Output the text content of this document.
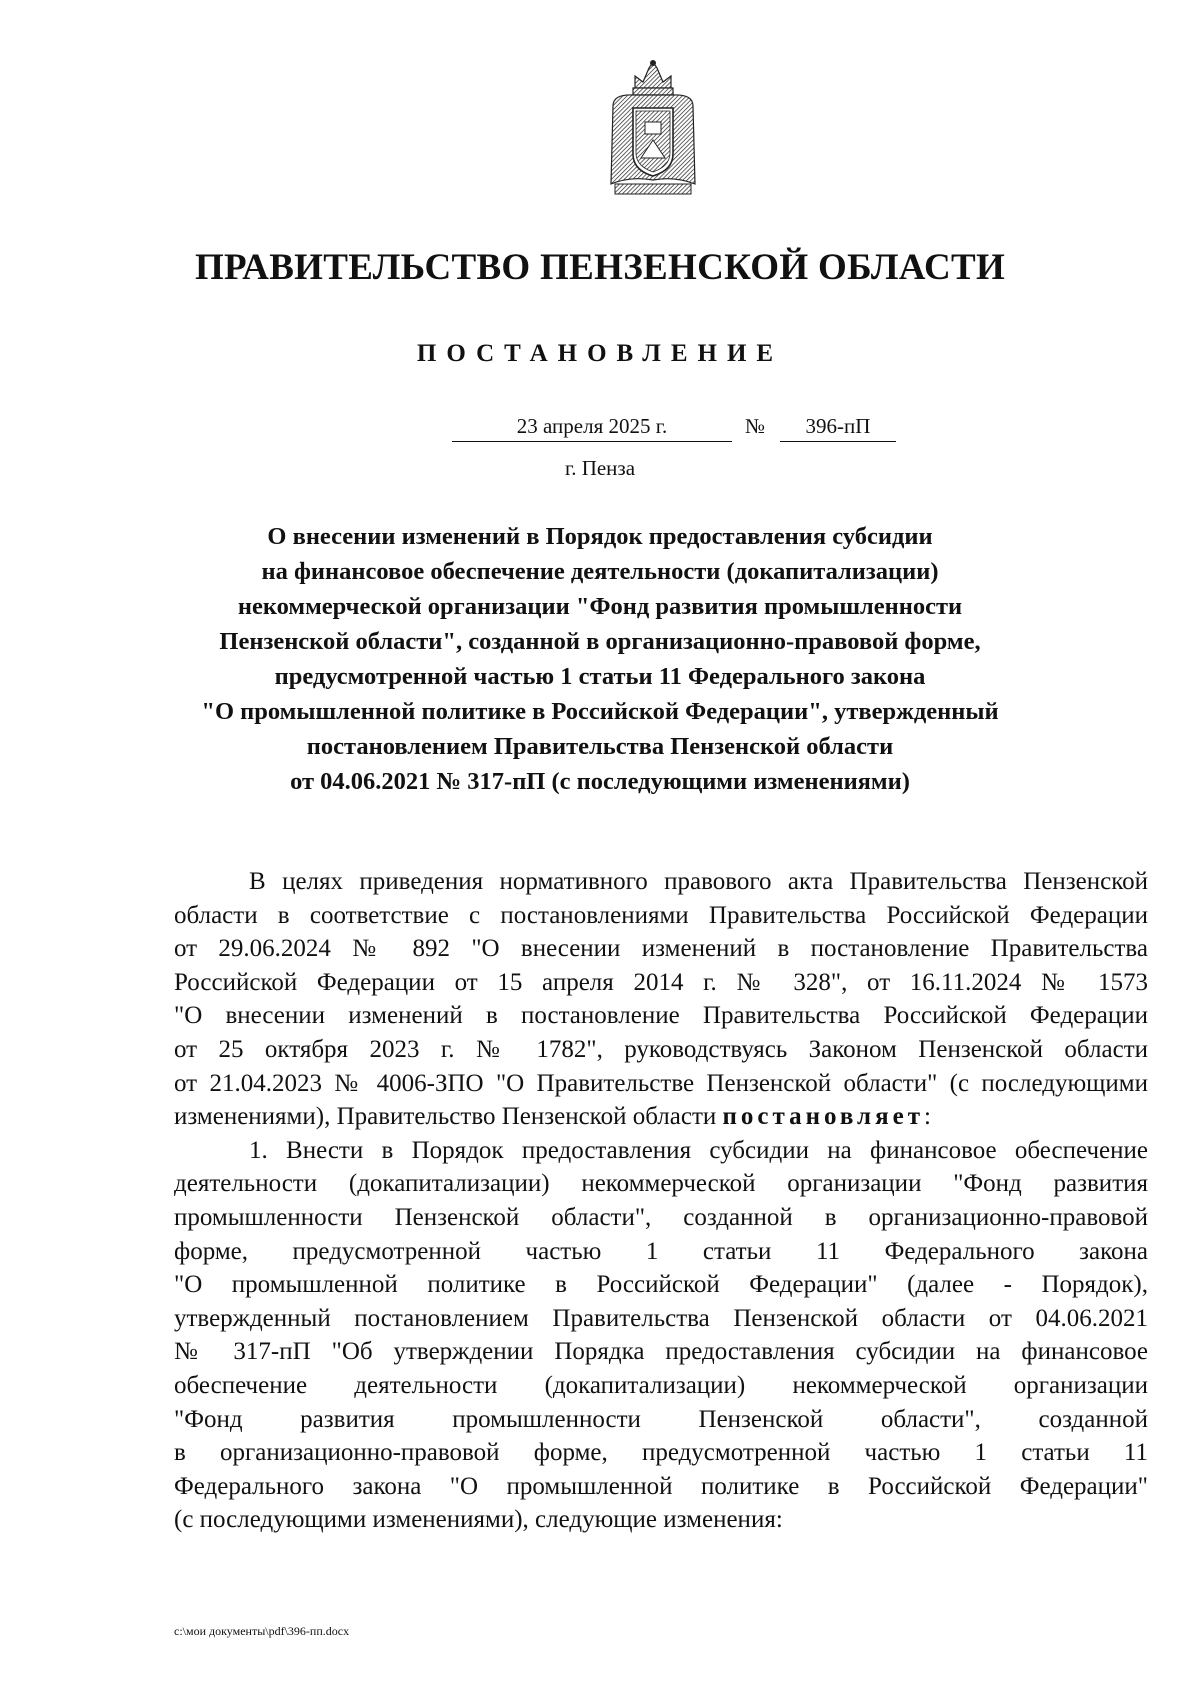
ПРАВИТЕЛЬСТВО ПЕНЗЕНСКОЙ ОБЛАСТИ
ПОСТАНОВЛЕНИЕ
23 апреля 2025 г.	№	396-пП
г. Пенза
О внесении изменений в Порядок предоставления субсидии
на финансовое обеспечение деятельности (докапитализации)
некоммерческой организации "Фонд развития промышленности
Пензенской области", созданной в организационно-правовой форме,
предусмотренной частью 1 статьи 11 Федерального закона
"О промышленной политике в Российской Федерации", утвержденный
постановлением Правительства Пензенской области
от 04.06.2021 № 317-пП (с последующими изменениями)
В целях приведения нормативного правового акта Правительства Пензенской
области в соответствие с постановлениями Правительства Российской Федерации
от 29.06.2024 № 892 "О внесении изменений в постановление Правительства
Российской Федерации от 15 апреля 2014 г. № 328", от 16.11.2024 № 1573
"О внесении изменений в постановление Правительства Российской Федерации
от 25 октября 2023 г. № 1782", руководствуясь Законом Пензенской области
от 21.04.2023 № 4006-ЗПО "О Правительстве Пензенской области" (с последующими
изменениями), Правительство Пензенской области постановляет:
1. Внести в Порядок предоставления субсидии на финансовое обеспечение
деятельности (докапитализации) некоммерческой организации "Фонд развития
промышленности Пензенской области", созданной в организационно-правовой
форме, предусмотренной частью 1 статьи 11 Федерального закона
"О промышленной политике в Российской Федерации" (далее - Порядок),
утвержденный постановлением Правительства Пензенской области от 04.06.2021
№ 317-пП "Об утверждении Порядка предоставления субсидии на финансовое
обеспечение деятельности (докапитализации) некоммерческой организации
"Фонд развития промышленности Пензенской области", созданной
в организационно-правовой форме, предусмотренной частью 1 статьи 11
Федерального закона "О промышленной политике в Российской Федерации"
(с последующими изменениями), следующие изменения:
c:\мои документы\pdf\396-пп.docx
